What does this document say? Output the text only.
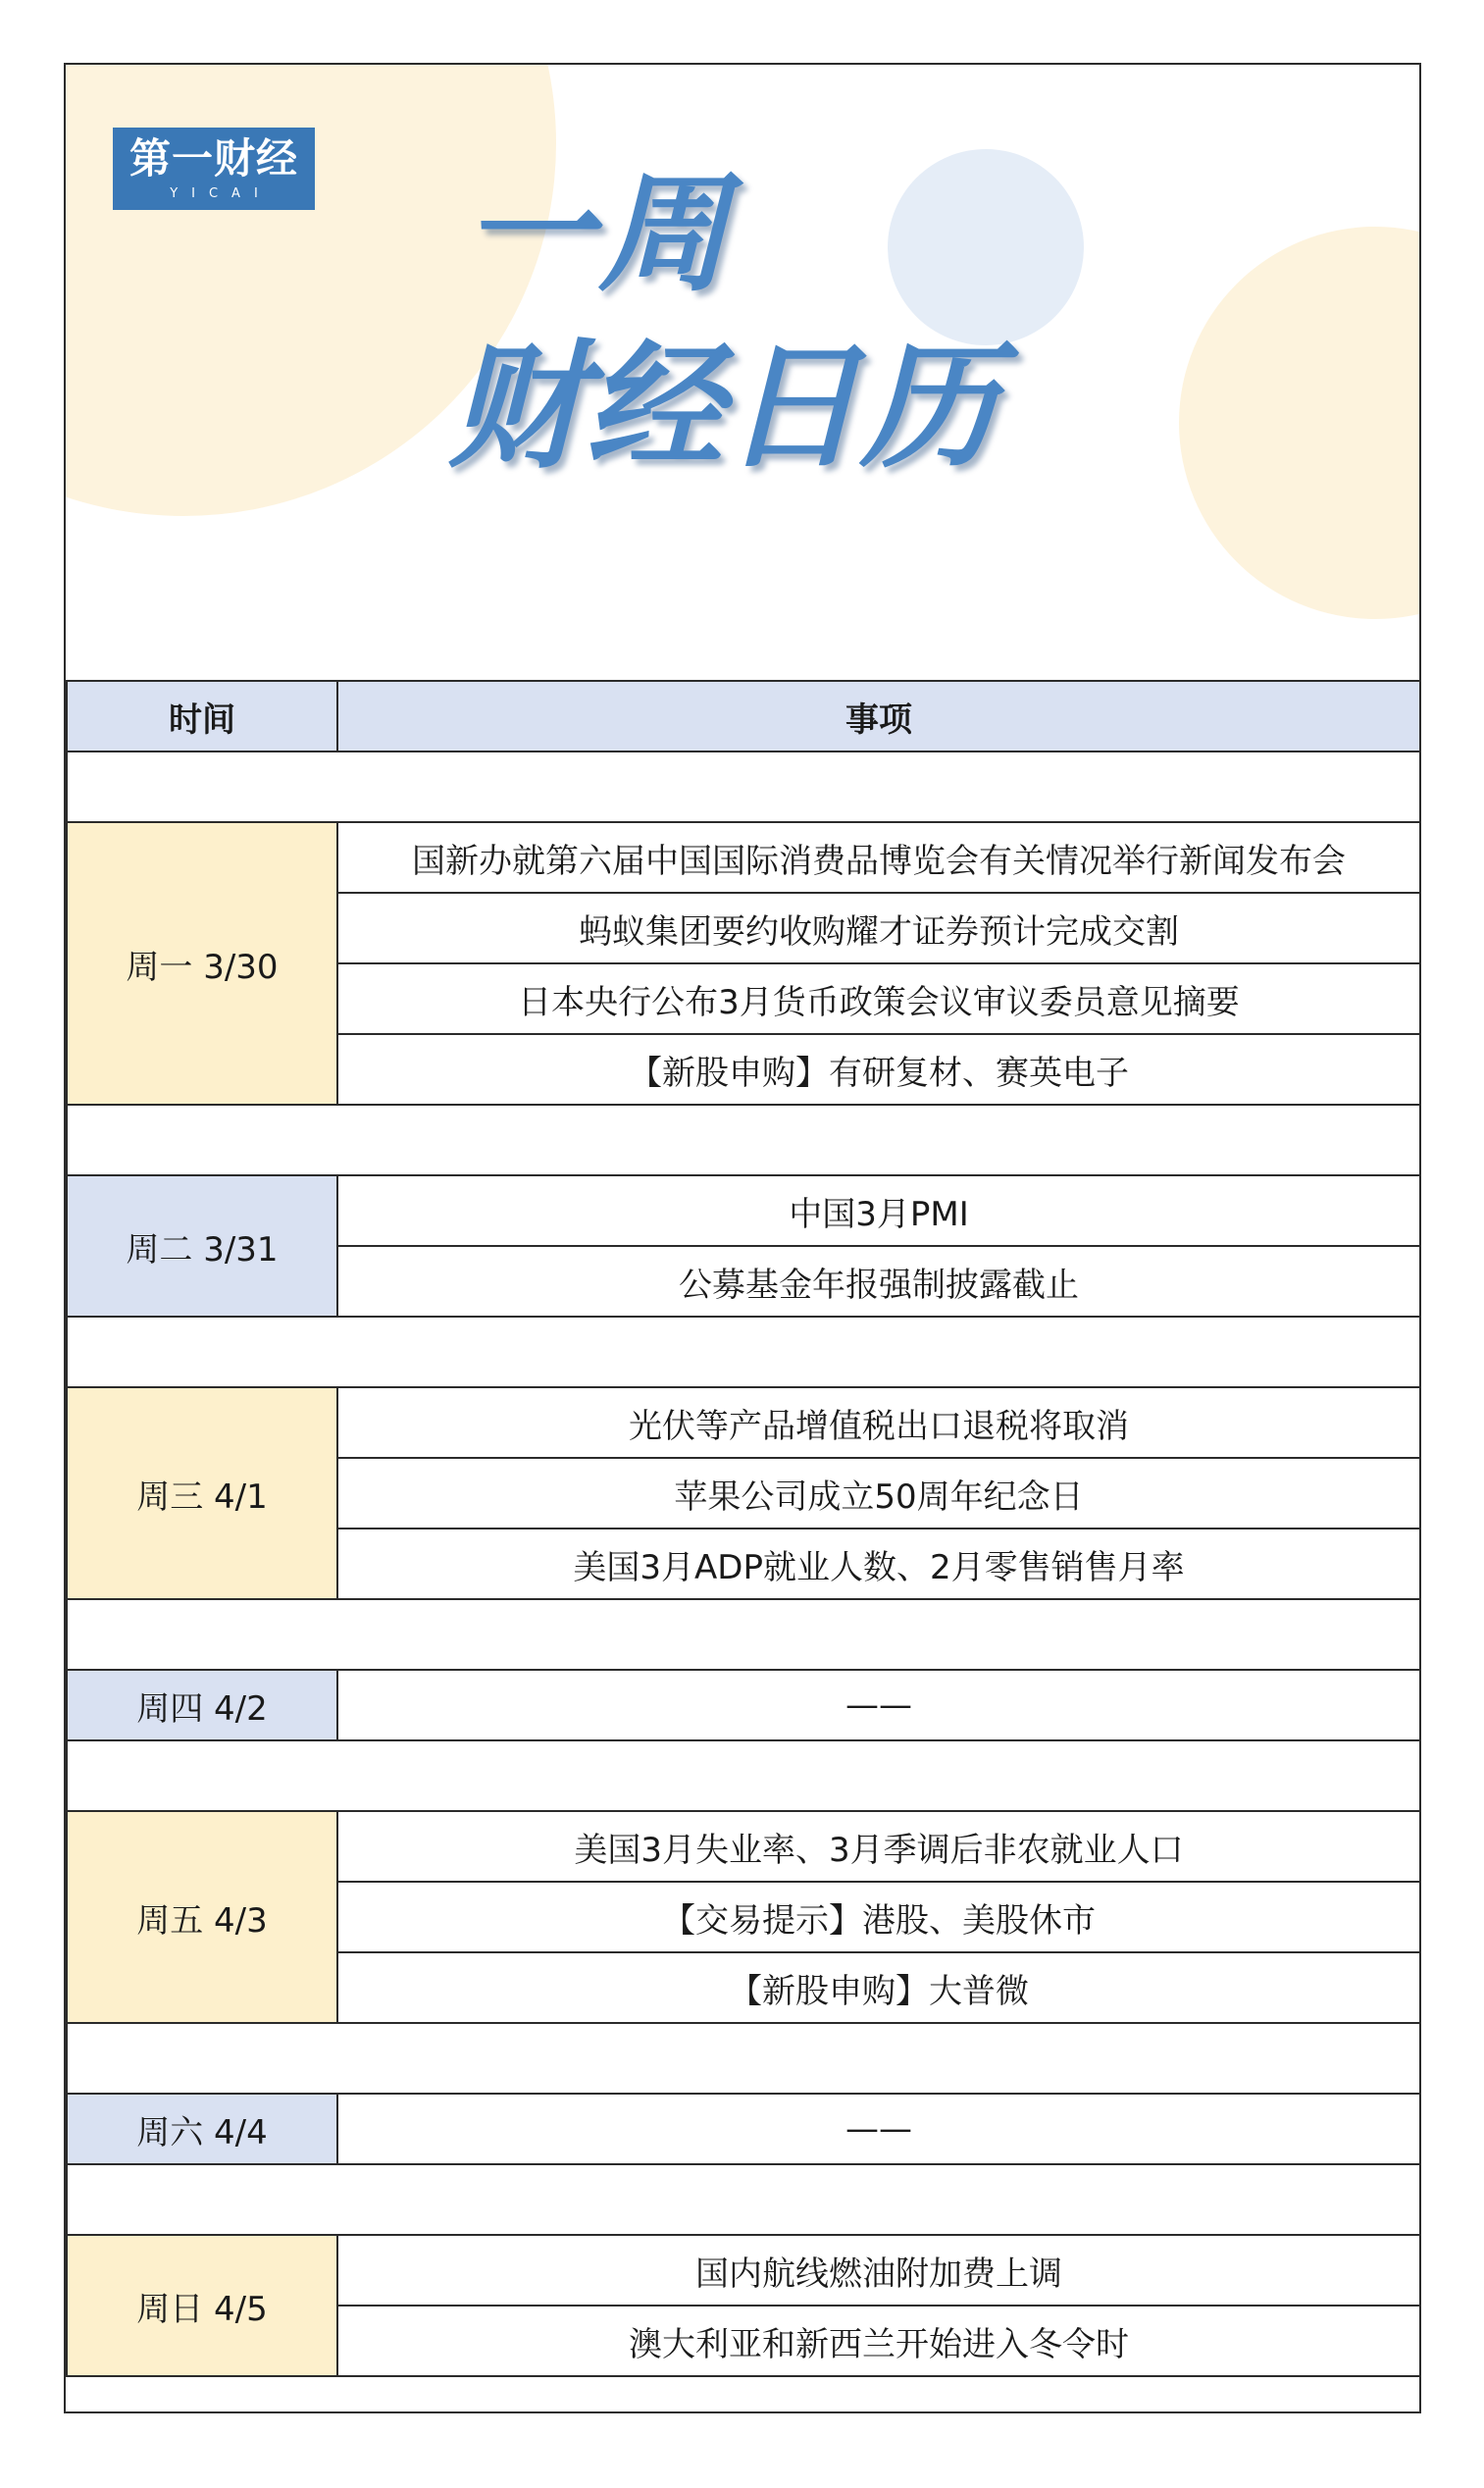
第一财经
YICAI	一周
财经日历
时间	事项

周一 3/30	国新办就第六届中国国际消费品博览会有关情况举行新闻发布会
	蚂蚁集团要约收购耀才证券预计完成交割
	日本央行公布3月货币政策会议审议委员意见摘要
	【新股申购】有研复材、赛英电子

周二 3/31	中国3月PMI
	公募基金年报强制披露截止

周三 4/1	光伏等产品增值税出口退税将取消
	苹果公司成立50周年纪念日
	美国3月ADP就业人数、2月零售销售月率

周四 4/2	——

周五 4/3	美国3月失业率、3月季调后非农就业人口
	【交易提示】港股、美股休市
	【新股申购】大普微

周六 4/4	——

周日 4/5	国内航线燃油附加费上调
	澳大利亚和新西兰开始进入冬令时
